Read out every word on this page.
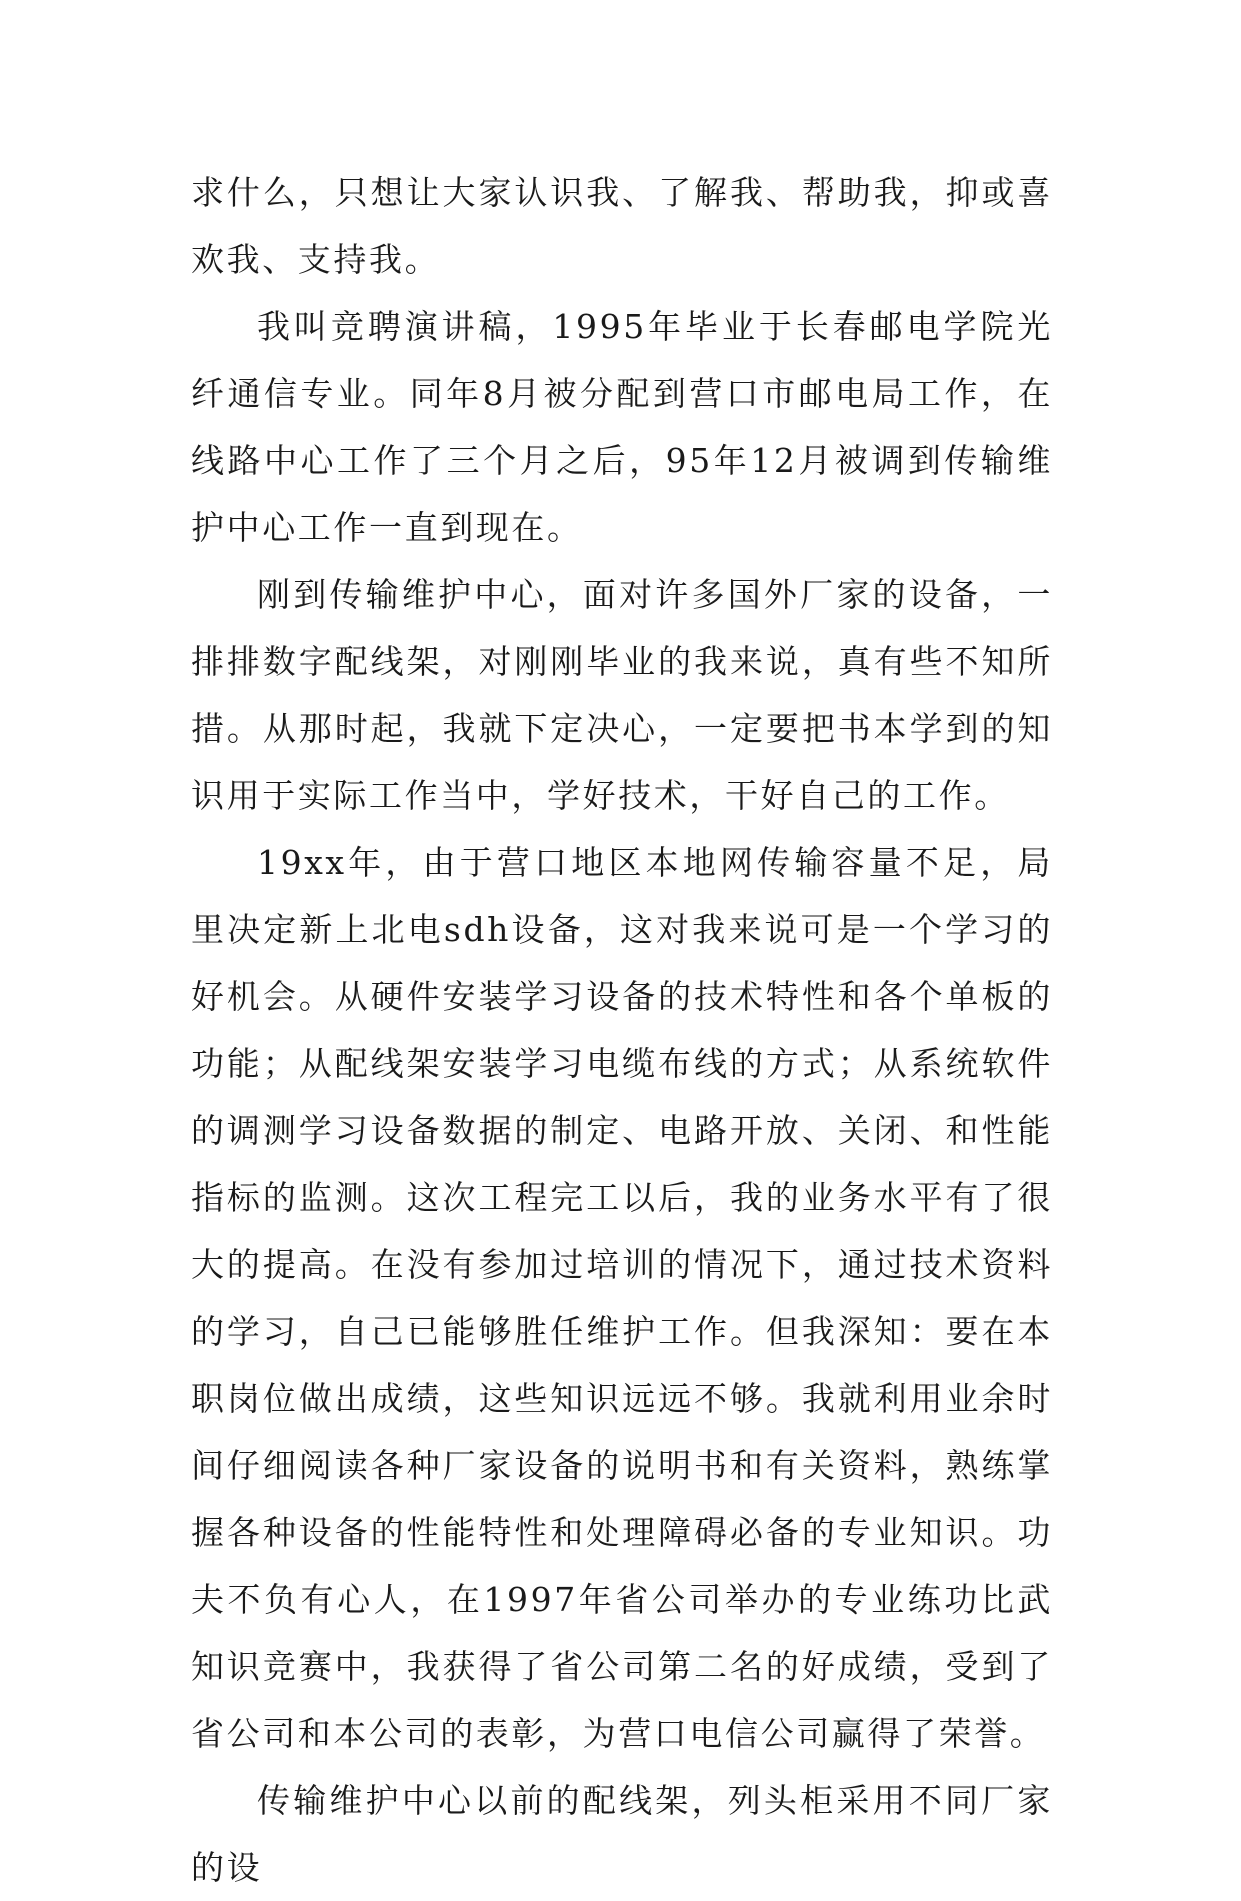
求什么，只想让大家认识我、了解我、帮助我，抑或喜欢我、支持我。

我叫竞聘演讲稿，1995年毕业于长春邮电学院光纤通信专业。同年8月被分配到营口市邮电局工作，在线路中心工作了三个月之后，95年12月被调到传输维护中心工作一直到现在。

刚到传输维护中心，面对许多国外厂家的设备，一排排数字配线架，对刚刚毕业的我来说，真有些不知所措。从那时起，我就下定决心，一定要把书本学到的知识用于实际工作当中，学好技术，干好自己的工作。

19xx年，由于营口地区本地网传输容量不足，局里决定新上北电sdh设备，这对我来说可是一个学习的好机会。从硬件安装学习设备的技术特性和各个单板的功能；从配线架安装学习电缆布线的方式；从系统软件的调测学习设备数据的制定、电路开放、关闭、和性能指标的监测。这次工程完工以后，我的业务水平有了很大的提高。在没有参加过培训的情况下，通过技术资料的学习，自己已能够胜任维护工作。但我深知：要在本职岗位做出成绩，这些知识远远不够。我就利用业余时间仔细阅读各种厂家设备的说明书和有关资料，熟练掌握各种设备的性能特性和处理障碍必备的专业知识。功夫不负有心人，在1997年省公司举办的专业练功比武知识竞赛中，我获得了省公司第二名的好成绩，受到了省公司和本公司的表彰，为营口电信公司赢得了荣誉。

传输维护中心以前的配线架，列头柜采用不同厂家的设
